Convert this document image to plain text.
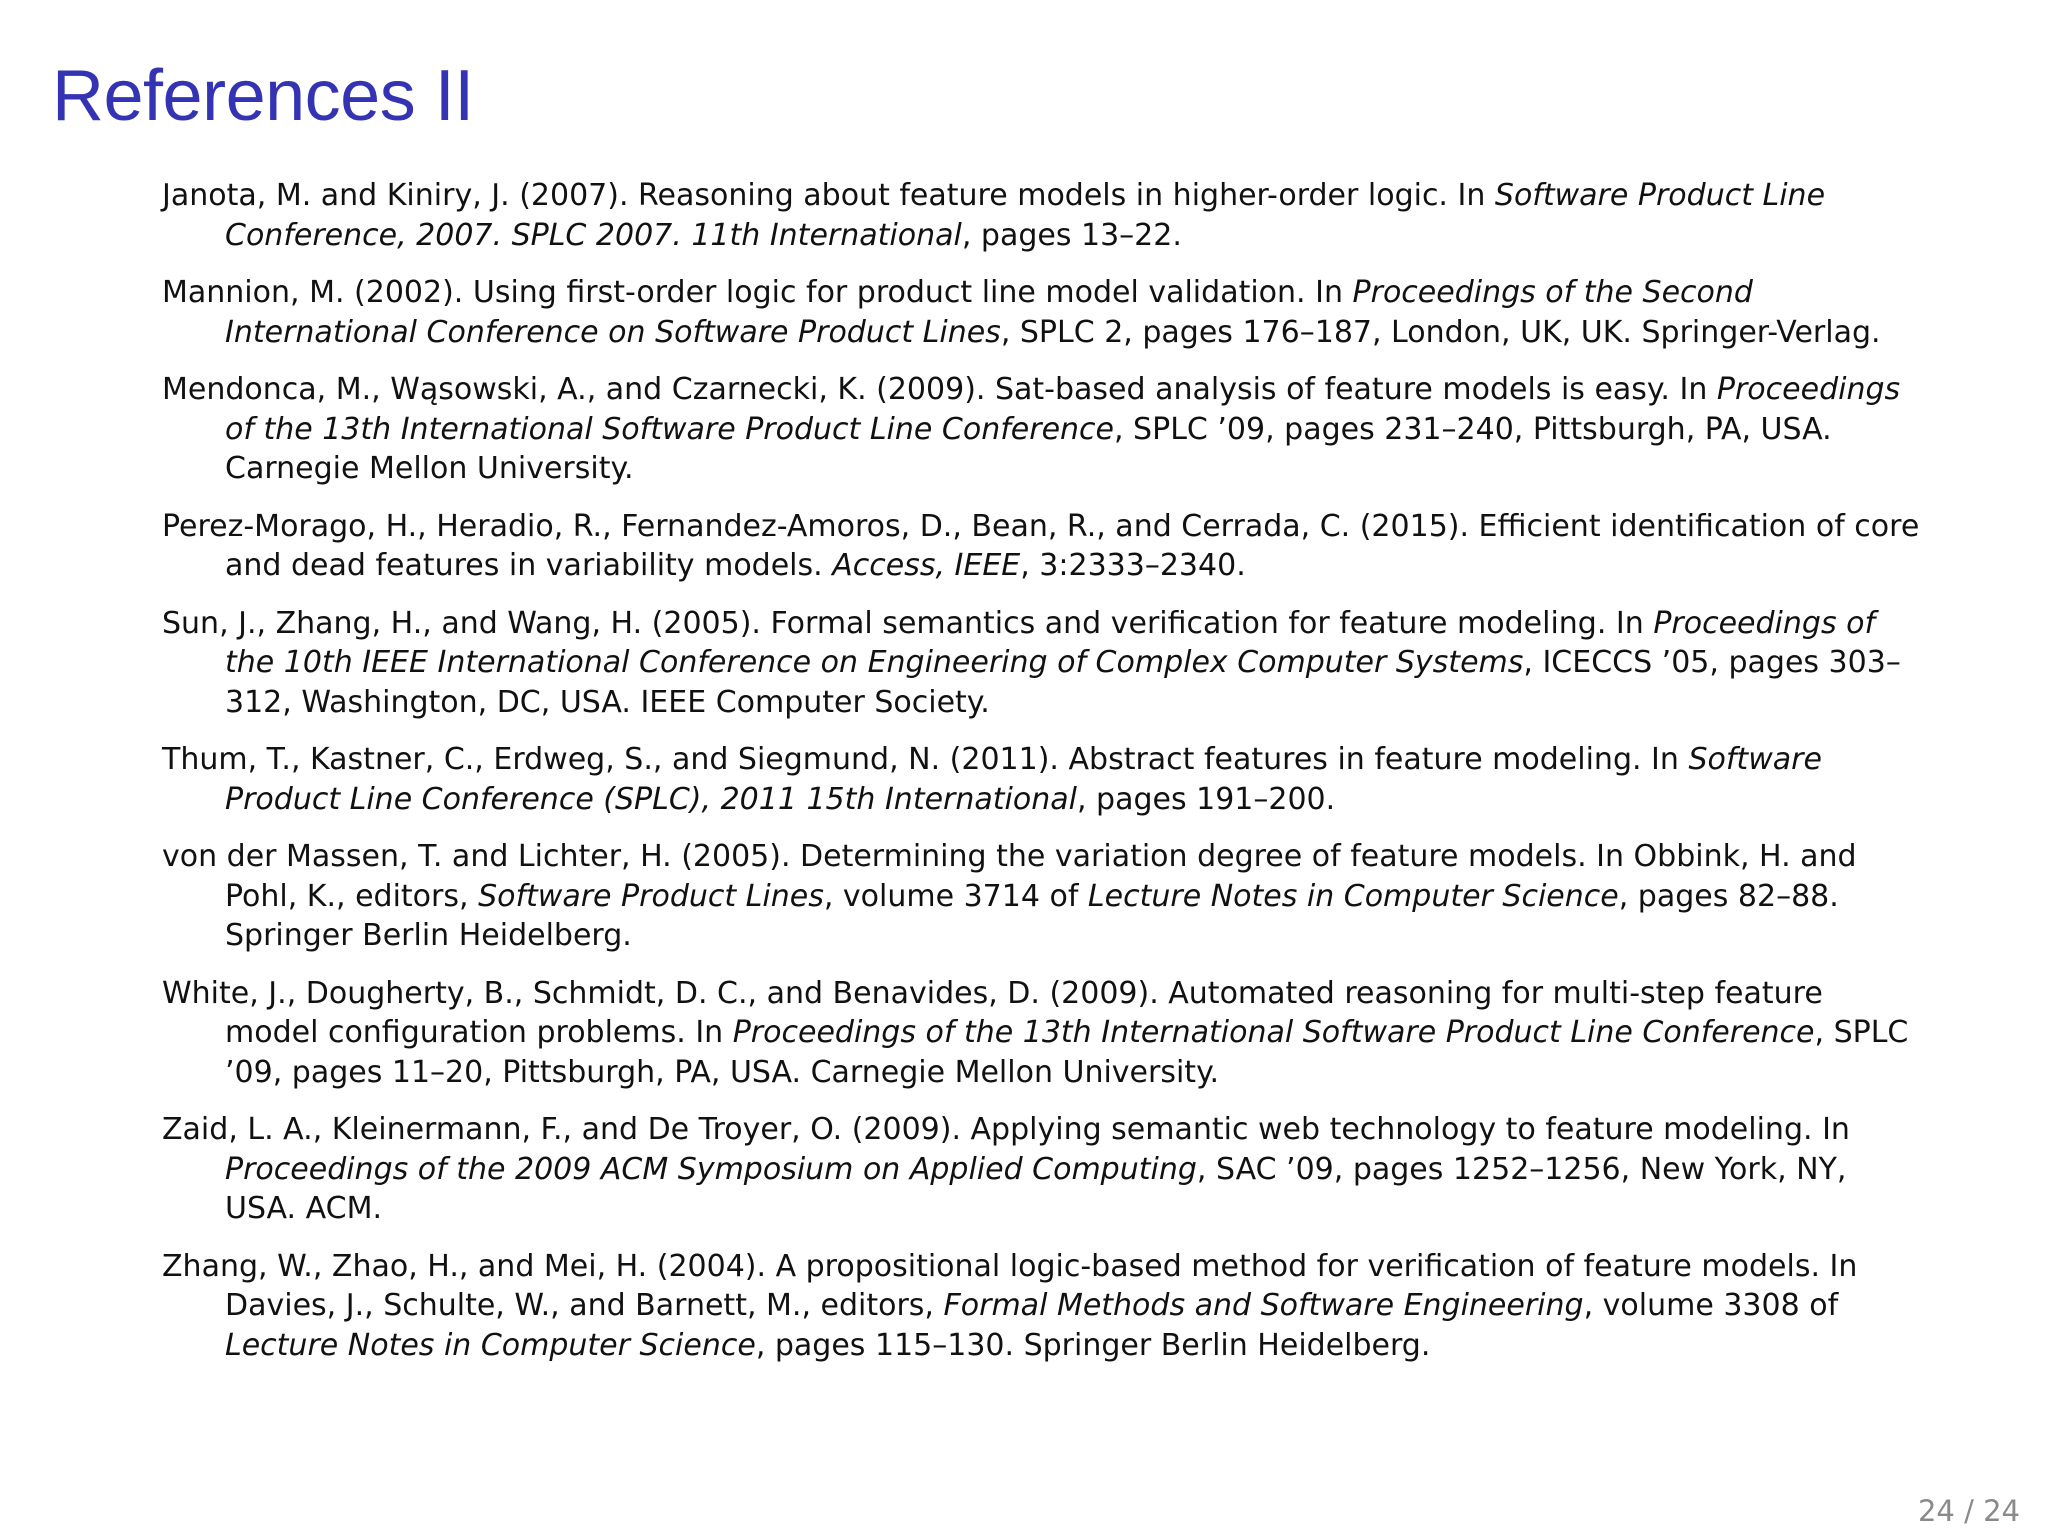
References II

Janota, M. and Kiniry, J. (2007). Reasoning about feature models in higher-order logic. In Software Product Line Conference, 2007. SPLC 2007. 11th International, pages 13–22.

Mannion, M. (2002). Using first-order logic for product line model validation. In Proceedings of the Second International Conference on Software Product Lines, SPLC 2, pages 176–187, London, UK, UK. Springer-Verlag.

Mendonca, M., Wąsowski, A., and Czarnecki, K. (2009). Sat-based analysis of feature models is easy. In Proceedings of the 13th International Software Product Line Conference, SPLC ’09, pages 231–240, Pittsburgh, PA, USA. Carnegie Mellon University.

Perez-Morago, H., Heradio, R., Fernandez-Amoros, D., Bean, R., and Cerrada, C. (2015). Efficient identification of core and dead features in variability models. Access, IEEE, 3:2333–2340.

Sun, J., Zhang, H., and Wang, H. (2005). Formal semantics and verification for feature modeling. In Proceedings of the 10th IEEE International Conference on Engineering of Complex Computer Systems, ICECCS ’05, pages 303–312, Washington, DC, USA. IEEE Computer Society.

Thum, T., Kastner, C., Erdweg, S., and Siegmund, N. (2011). Abstract features in feature modeling. In Software Product Line Conference (SPLC), 2011 15th International, pages 191–200.

von der Massen, T. and Lichter, H. (2005). Determining the variation degree of feature models. In Obbink, H. and Pohl, K., editors, Software Product Lines, volume 3714 of Lecture Notes in Computer Science, pages 82–88. Springer Berlin Heidelberg.

White, J., Dougherty, B., Schmidt, D. C., and Benavides, D. (2009). Automated reasoning for multi-step feature model configuration problems. In Proceedings of the 13th International Software Product Line Conference, SPLC ’09, pages 11–20, Pittsburgh, PA, USA. Carnegie Mellon University.

Zaid, L. A., Kleinermann, F., and De Troyer, O. (2009). Applying semantic web technology to feature modeling. In Proceedings of the 2009 ACM Symposium on Applied Computing, SAC ’09, pages 1252–1256, New York, NY, USA. ACM.

Zhang, W., Zhao, H., and Mei, H. (2004). A propositional logic-based method for verification of feature models. In Davies, J., Schulte, W., and Barnett, M., editors, Formal Methods and Software Engineering, volume 3308 of Lecture Notes in Computer Science, pages 115–130. Springer Berlin Heidelberg.

24 / 24
